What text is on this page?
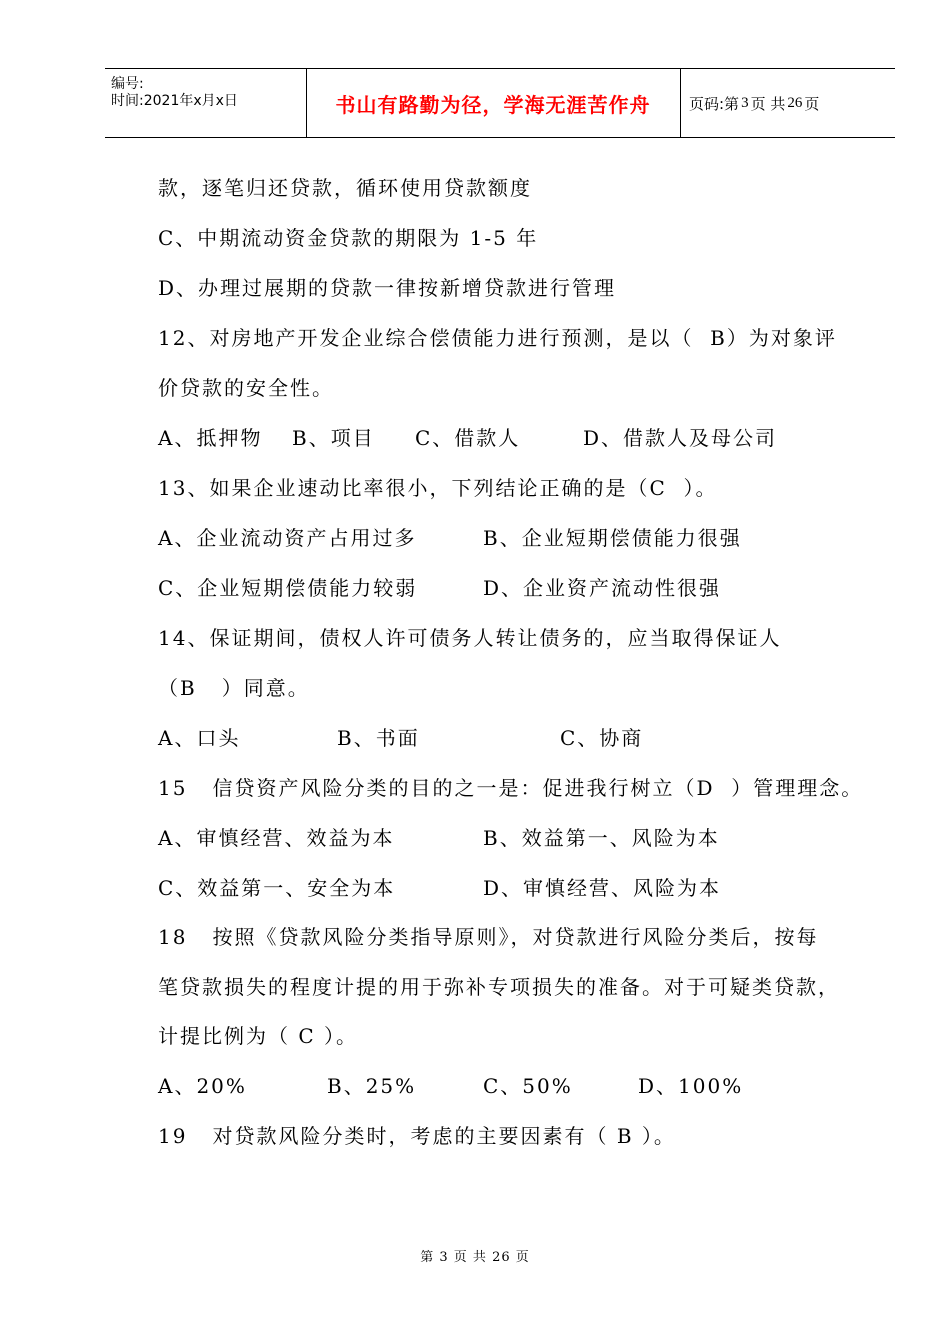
编号:
时间:2021年x月x日	书山有路勤为径，学海无涯苦作舟	页码:第 3 页 共 26 页
款，逐笔归还贷款，循环使用贷款额度
C、中期流动资金贷款的期限为 1-5 年
D、办理过展期的贷款一律按新增贷款进行管理
12、对房地产开发企业综合偿债能力进行预测，是以（  B）为对象评
价贷款的安全性。
A、抵押物 B、项目 C、借款人	D、借款人及母公司
13、如果企业速动比率很小，下列结论正确的是（C  ）。
A、企业流动资产占用过多	B、企业短期偿债能力很强
C、企业短期偿债能力较弱	D、企业资产流动性很强
14、保证期间，债权人许可债务人转让债务的，应当取得保证人
（B   ）同意。
A、口头	B、书面	C、协商
15   信贷资产风险分类的目的之一是：促进我行树立（D  ）管理理念。
A、审慎经营、效益为本	B、效益第一、风险为本
C、效益第一、安全为本	D、审慎经营、风险为本
18   按照《贷款风险分类指导原则》，对贷款进行风险分类后，按每
笔贷款损失的程度计提的用于弥补专项损失的准备。对于可疑类贷款，
计提比例为（ C ）。
A、20%	B、25%	C、50%	D、100%
19   对贷款风险分类时，考虑的主要因素有（ B ）。
第 3 页 共 26 页
